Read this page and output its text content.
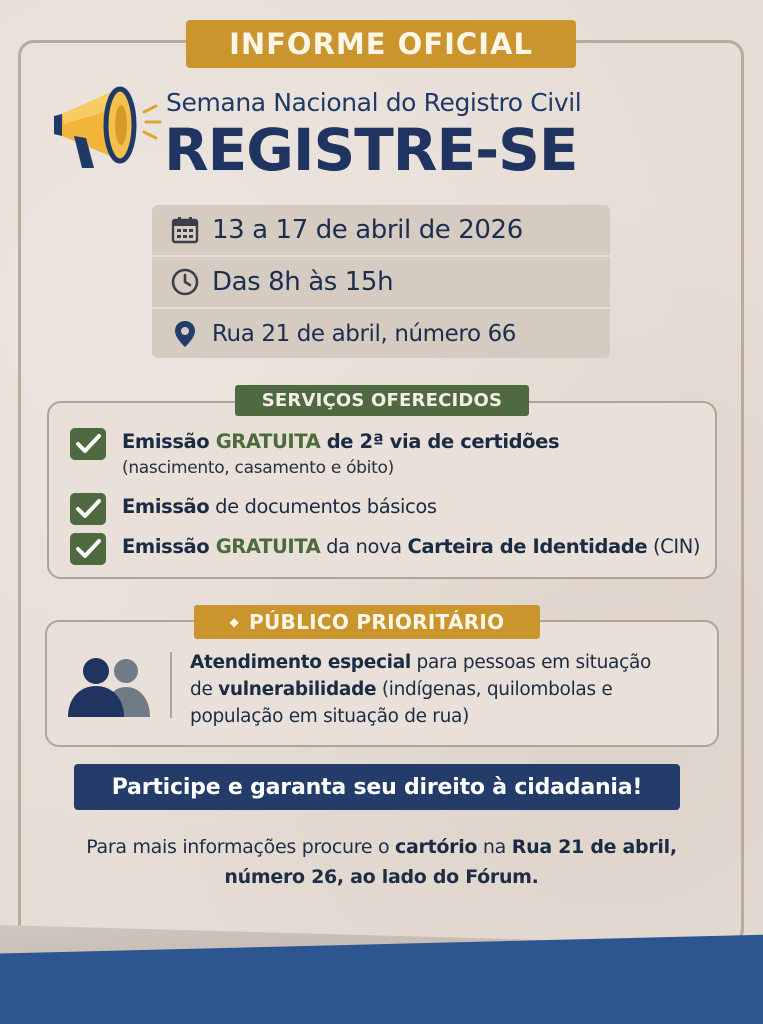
INFORME OFICIAL
Semana Nacional do Registro Civil
REGISTRE-SE
13 a 17 de abril de 2026
Das 8h às 15h
Rua 21 de abril, número 66
SERVIÇOS OFERECIDOS
Emissão GRATUITA de 2ª via de certidões
(nascimento, casamento e óbito)
Emissão de documentos básicos
Emissão GRATUITA da nova Carteira de Identidade (CIN)
◆ PÚBLICO PRIORITÁRIO
Atendimento especial para pessoas em situação
de vulnerabilidade (indígenas, quilombolas e
população em situação de rua)
Participe e garanta seu direito à cidadania!
Para mais informações procure o cartório na Rua 21 de abril,
número 26, ao lado do Fórum.
